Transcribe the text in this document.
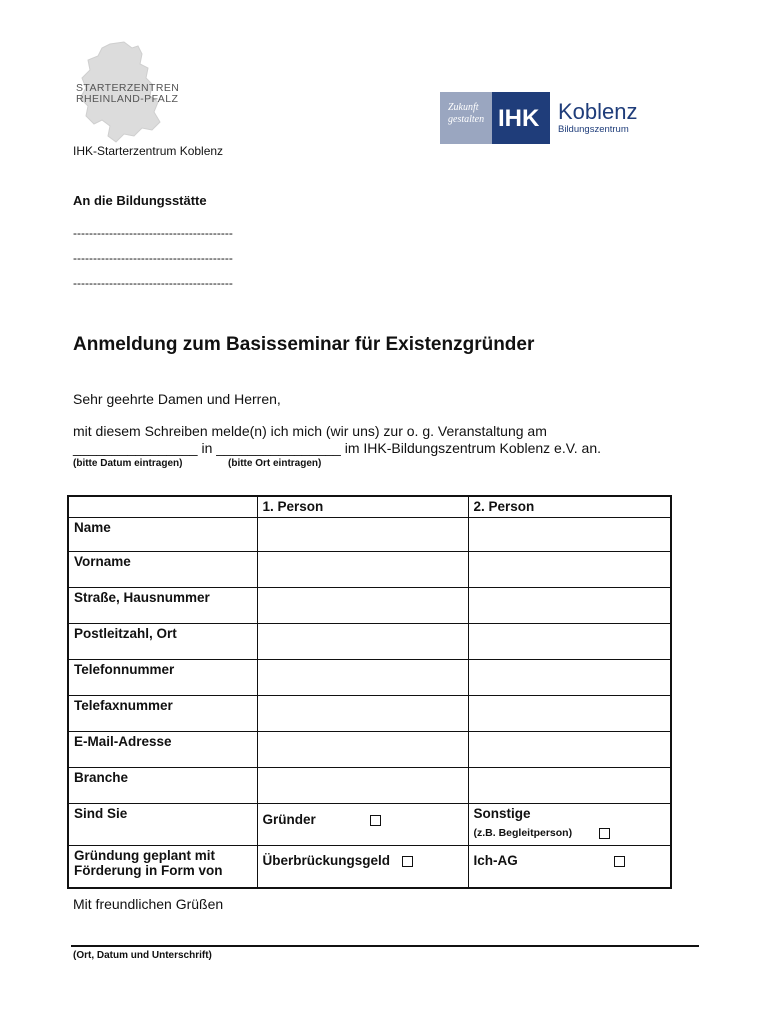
STARTERZENTREN
RHEINLAND-PFALZ
Zukunft
gestalten IHK Koblenz
Bildungszentrum
IHK-Starterzentrum Koblenz
An die Bildungsstätte
----------------------------------------
----------------------------------------
----------------------------------------
Anmeldung zum Basisseminar für Existenzgründer
Sehr geehrte Damen und Herren,
mit diesem Schreiben melde(n) ich mich (wir uns) zur o. g. Veranstaltung am
________________ in ________________ im IHK-Bildungszentrum Koblenz e.V. an.
(bitte Datum eintragen)	(bitte Ort eintragen)
	1. Person	2. Person
Name		
Vorname		
Straße, Hausnummer		
Postleitzahl, Ort		
Telefonnummer		
Telefaxnummer		
E-Mail-Adresse		
Branche		
Sind Sie	Gründer	Sonstige
(z.B. Begleitperson)

Gründung geplant mit
Förderung in Form von	Überbrückungsgeld	Ich-AG
Mit freundlichen Grüßen
(Ort, Datum und Unterschrift)
